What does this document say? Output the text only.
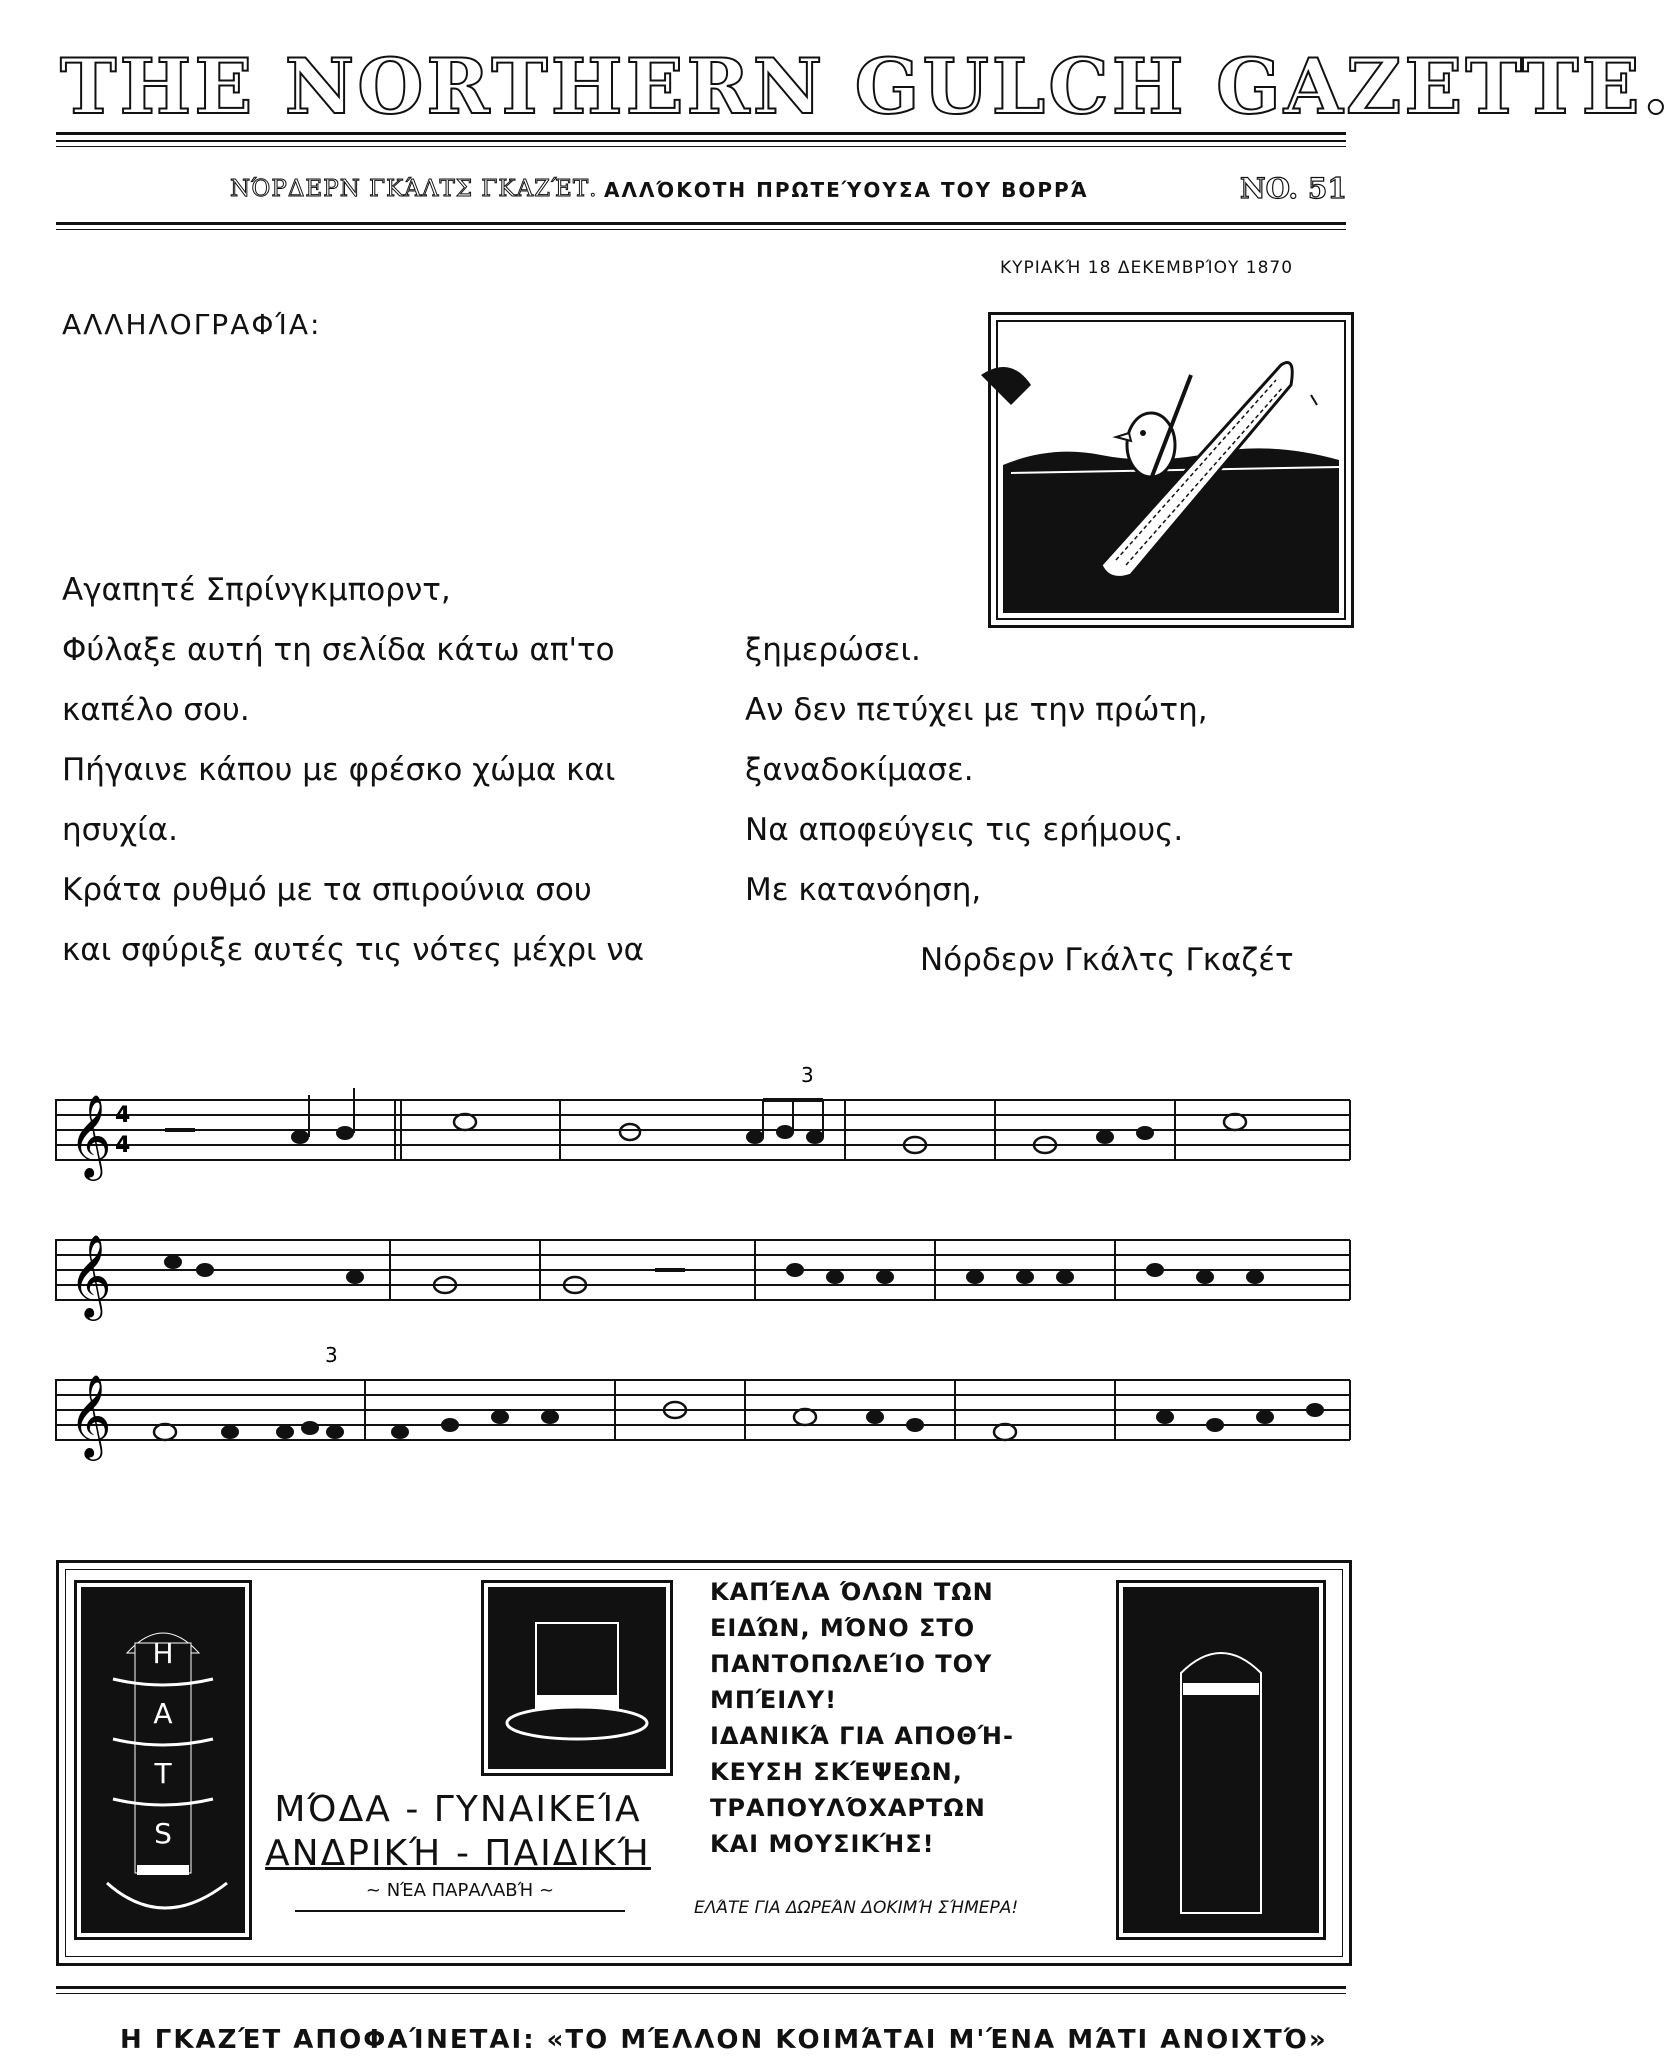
THE NORTHERN GULCH GAZETTE.
ΝΌΡΔΕΡΝ ΓΚΆΛΤΣ ΓΚΑΖΈΤ. ΑΛΛΌΚΟΤΗ ΠΡΩΤΕΎΟΥΣΑ ΤΟΥ ΒΟΡΡΆ	NO. 51
ΚΥΡΙΑΚΉ 18 ΔΕΚΕΜΒΡΊΟΥ 1870
ΑΛΛΗΛΟΓΡΑΦΊΑ:
Αγαπητέ Σπρίνγκμπορντ,
Φύλαξε αυτή τη σελίδα κάτω απ'το
καπέλο σου.
Πήγαινε κάπου με φρέσκο χώμα και
ησυχία.
Κράτα ρυθμό με τα σπιρούνια σου
και σφύριξε αυτές τις νότες μέχρι να
ξημερώσει.
Αν δεν πετύχει με την πρώτη,
ξαναδοκίμασε.
Να αποφεύγεις τις ερήμους.
Με κατανόηση,
Νόρδερν Γκάλτς Γκαζέτ
𝄞 4
4
3
𝄞
𝄞
3
H
A
T
S
ΜΌΔΑ - ΓΥΝΑΙΚΕΊΑ
ΑΝΔΡΙΚΉ - ΠΑΙΔΙΚΉ
~ ΝΈΑ ΠΑΡΑΛΑΒΉ ~
ΚΑΠΈΛΑ ΌΛΩΝ ΤΩΝ
ΕΙΔΏΝ, ΜΌΝΟ ΣΤΟ
ΠΑΝΤΟΠΩΛΕΊΟ ΤΟΥ
ΜΠΈΙΛΥ!
ΙΔΑΝΙΚΆ ΓΙΑ ΑΠΟΘΉ-
ΚΕΥΣΗ ΣΚΈΨΕΩΝ,
ΤΡΑΠΟΥΛΌΧΑΡΤΩΝ
ΚΑΙ ΜΟΥΣΙΚΉΣ!
ΕΛΆΤΕ ΓΙΑ ΔΩΡΕΆΝ ΔΟΚΙΜΉ ΣΉΜΕΡΑ!
Η ΓΚΑΖΈΤ ΑΠΟΦΑΊΝΕΤΑΙ: «ΤΟ ΜΈΛΛΟΝ ΚΟΙΜΆΤΑΙ Μ'ΈΝΑ ΜΆΤΙ ΑΝΟΙΧΤΌ»
